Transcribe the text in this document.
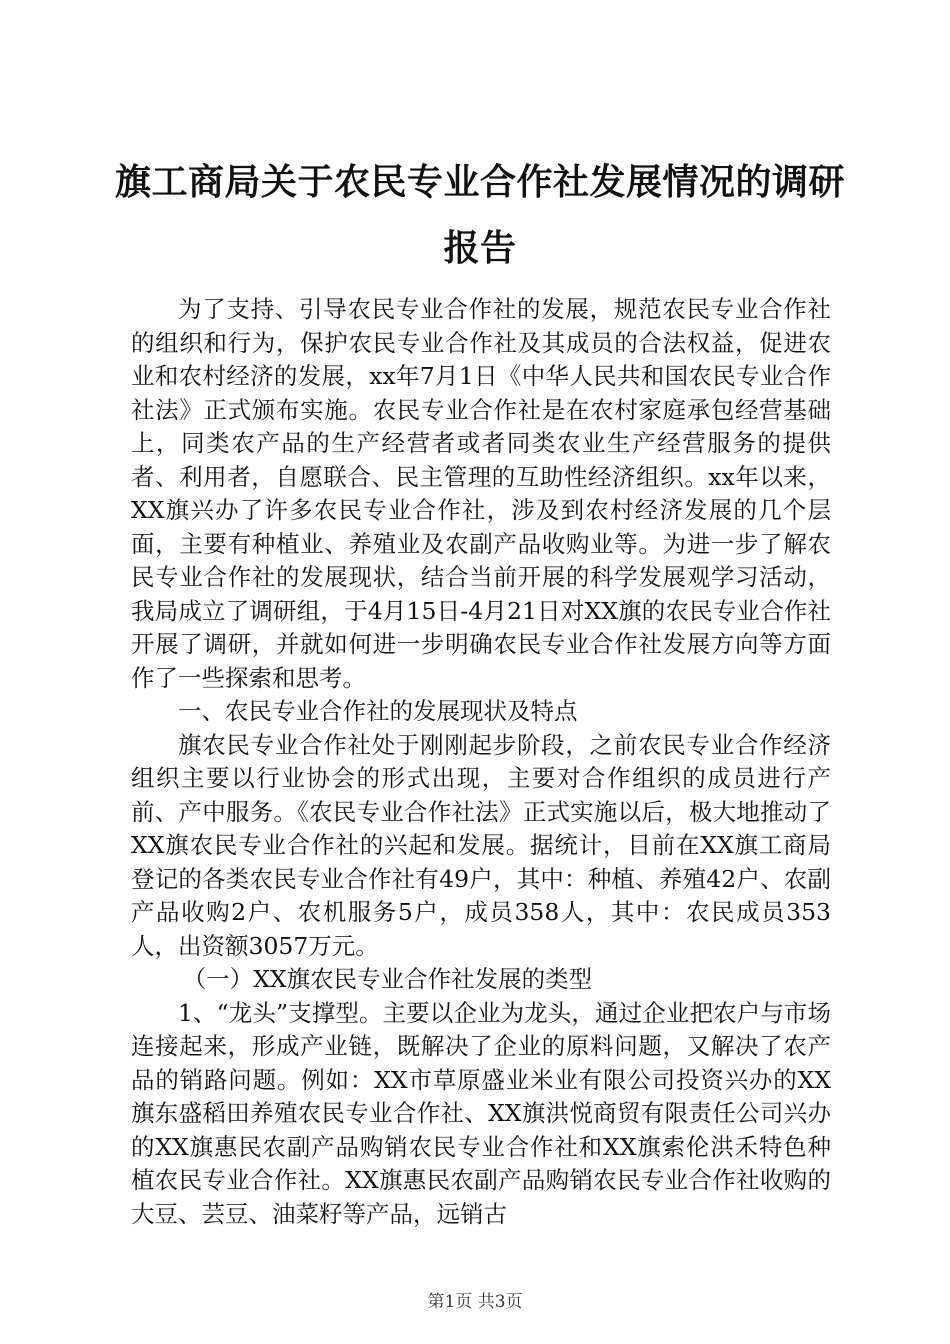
旗工商局关于农民专业合作社发展情况的调研报告

为了支持、引导农民专业合作社的发展，规范农民专业合作社的组织和行为，保护农民专业合作社及其成员的合法权益，促进农业和农村经济的发展，xx年7月1日《中华人民共和国农民专业合作社法》正式颁布实施。农民专业合作社是在农村家庭承包经营基础上，同类农产品的生产经营者或者同类农业生产经营服务的提供者、利用者，自愿联合、民主管理的互助性经济组织。xx年以来，XX旗兴办了许多农民专业合作社，涉及到农村经济发展的几个层面，主要有种植业、养殖业及农副产品收购业等。为进一步了解农民专业合作社的发展现状，结合当前开展的科学发展观学习活动，我局成立了调研组，于4月15日-4月21日对XX旗的农民专业合作社开展了调研，并就如何进一步明确农民专业合作社发展方向等方面作了一些探索和思考。

一、农民专业合作社的发展现状及特点

旗农民专业合作社处于刚刚起步阶段，之前农民专业合作经济组织主要以行业协会的形式出现，主要对合作组织的成员进行产前、产中服务。《农民专业合作社法》正式实施以后，极大地推动了XX旗农民专业合作社的兴起和发展。据统计，目前在XX旗工商局登记的各类农民专业合作社有49户，其中：种植、养殖42户、农副产品收购2户、农机服务5户，成员358人，其中：农民成员353人，出资额3057万元。

（一）XX旗农民专业合作社发展的类型

1、“龙头”支撑型。主要以企业为龙头，通过企业把农户与市场连接起来，形成产业链，既解决了企业的原料问题，又解决了农产品的销路问题。例如：XX市草原盛业米业有限公司投资兴办的XX旗东盛稻田养殖农民专业合作社、XX旗洪悦商贸有限责任公司兴办的XX旗惠民农副产品购销农民专业合作社和XX旗索伦洪禾特色种植农民专业合作社。XX旗惠民农副产品购销农民专业合作社收购的大豆、芸豆、油菜籽等产品，远销古

第1页 共3页
